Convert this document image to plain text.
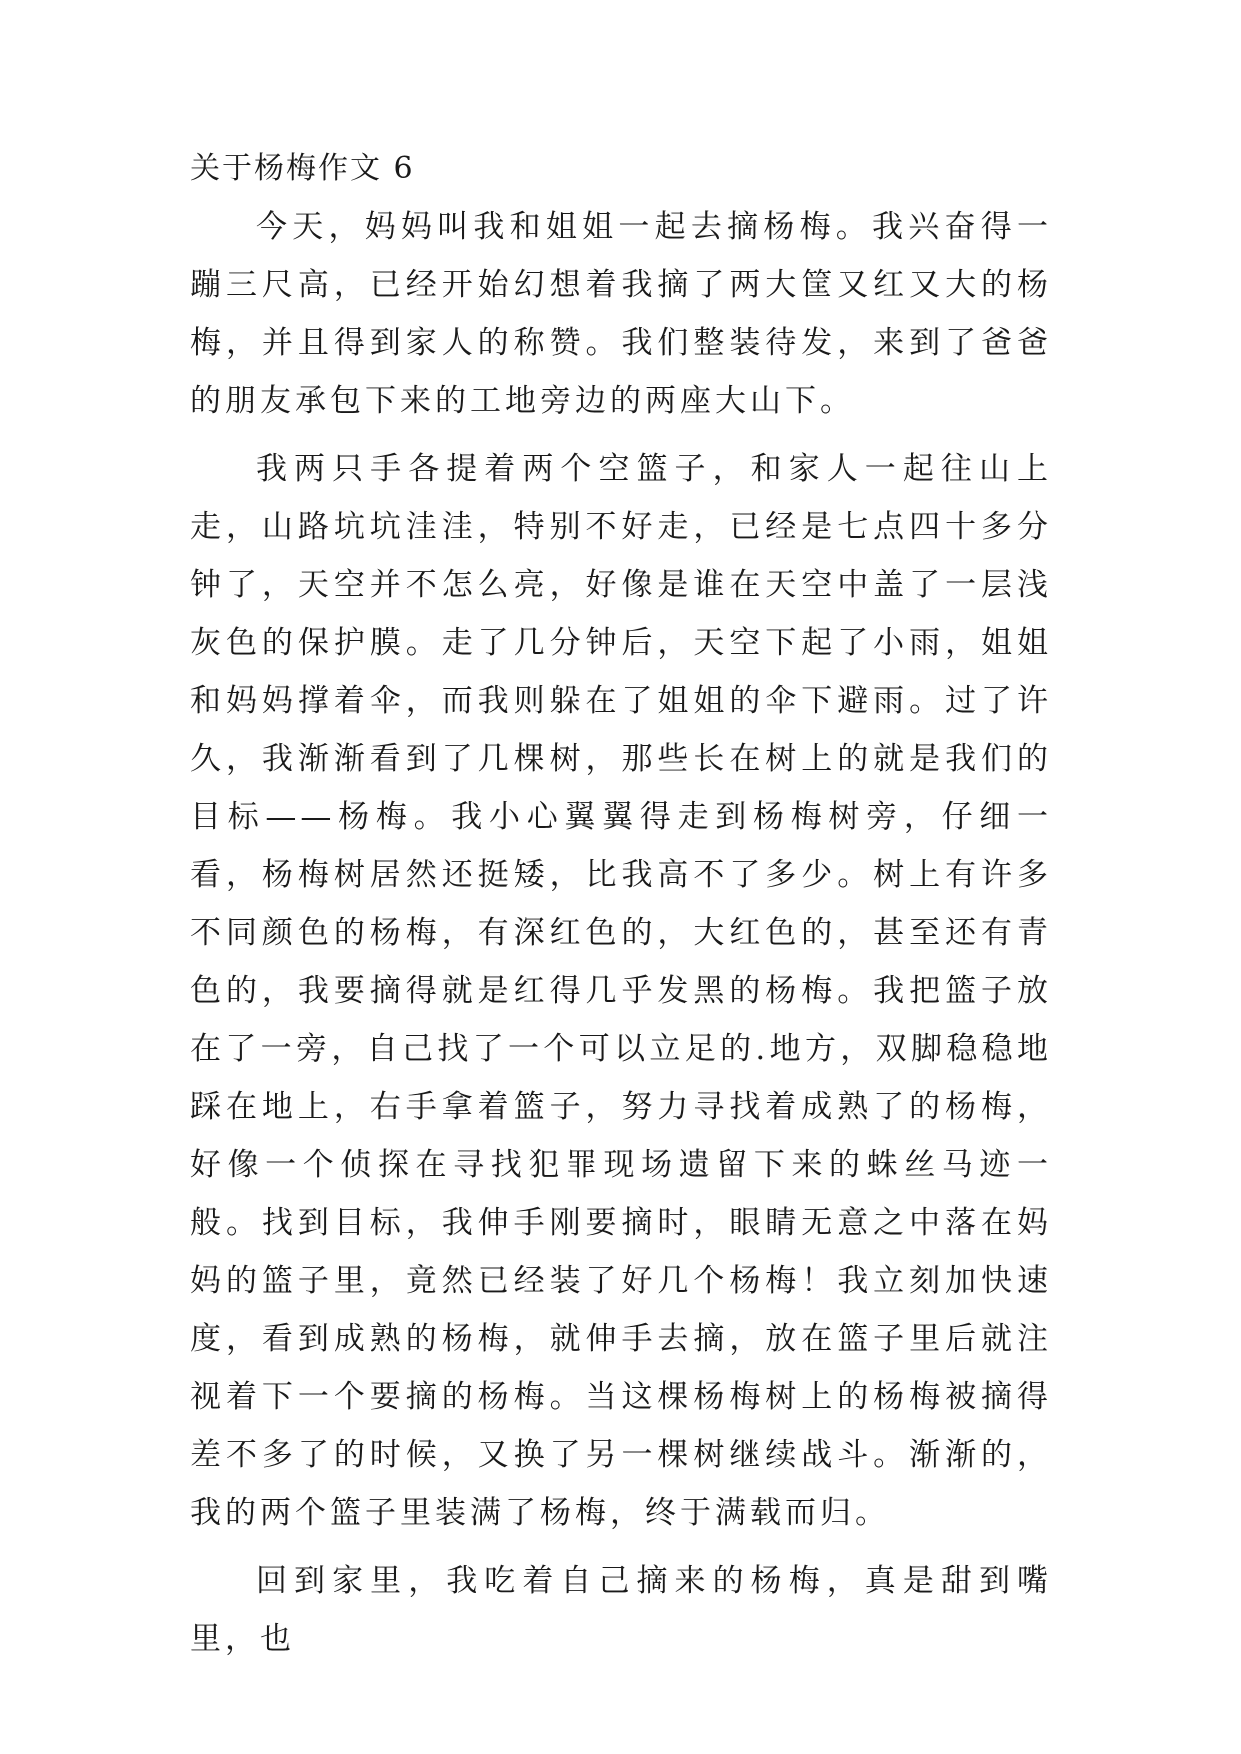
关于杨梅作文 6

今天，妈妈叫我和姐姐一起去摘杨梅。我兴奋得一蹦三尺高，已经开始幻想着我摘了两大筐又红又大的杨梅，并且得到家人的称赞。我们整装待发，来到了爸爸的朋友承包下来的工地旁边的两座大山下。

我两只手各提着两个空篮子，和家人一起往山上走，山路坑坑洼洼，特别不好走，已经是七点四十多分钟了，天空并不怎么亮，好像是谁在天空中盖了一层浅灰色的保护膜。走了几分钟后，天空下起了小雨，姐姐和妈妈撑着伞，而我则躲在了姐姐的伞下避雨。过了许久，我渐渐看到了几棵树，那些长在树上的就是我们的目标——杨梅。我小心翼翼得走到杨梅树旁，仔细一看，杨梅树居然还挺矮，比我高不了多少。树上有许多不同颜色的杨梅，有深红色的，大红色的，甚至还有青色的，我要摘得就是红得几乎发黑的杨梅。我把篮子放在了一旁，自己找了一个可以立足的.地方，双脚稳稳地踩在地上，右手拿着篮子，努力寻找着成熟了的杨梅，好像一个侦探在寻找犯罪现场遗留下来的蛛丝马迹一般。找到目标，我伸手刚要摘时，眼睛无意之中落在妈妈的篮子里，竟然已经装了好几个杨梅！我立刻加快速度，看到成熟的杨梅，就伸手去摘，放在篮子里后就注视着下一个要摘的杨梅。当这棵杨梅树上的杨梅被摘得差不多了的时候，又换了另一棵树继续战斗。渐渐的，我的两个篮子里装满了杨梅，终于满载而归。

回到家里，我吃着自己摘来的杨梅，真是甜到嘴里，也
